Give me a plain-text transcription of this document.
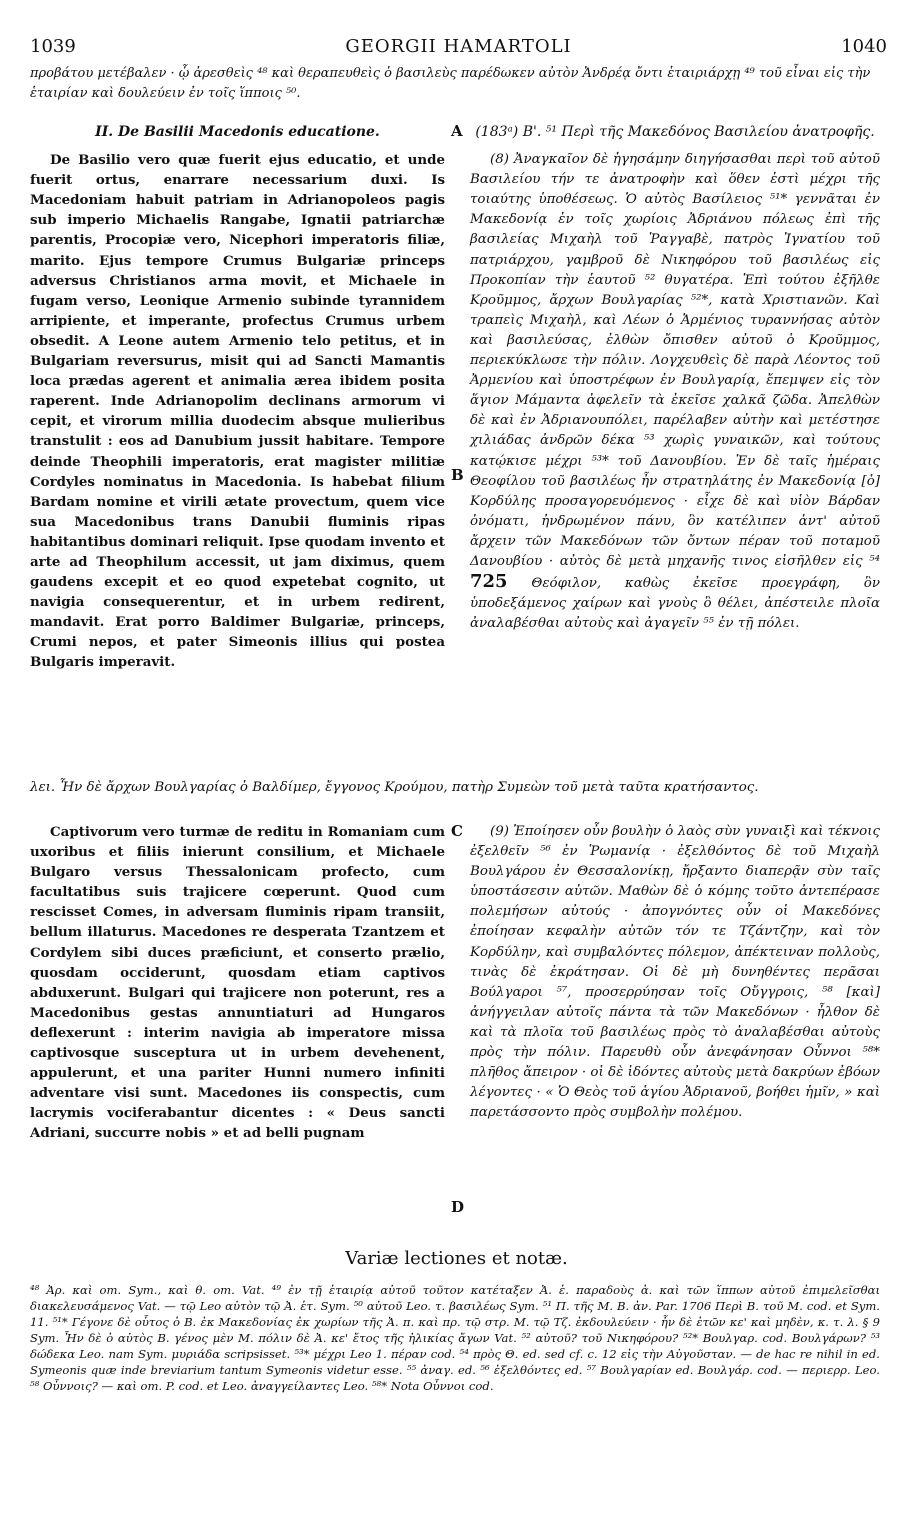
1039	GEORGII HAMARTOLI	1040
προβάτου μετέβαλεν · ᾧ ἀρεσθεὶς ⁴⁸ καὶ θεραπευθεὶς ὁ βασιλεὺς παρέδωκεν αὐτὸν Ἀνδρέᾳ ὄντι ἑταιριάρχῃ ⁴⁹ τοῦ εἶναι εἰς τὴν ἑταιρίαν καὶ δουλεύειν ἐν τοῖς ἵπποις ⁵⁰.

II. De Basilii Macedonis educatione.

De Basilio vero quæ fuerit ejus educatio, et unde fuerit ortus, enarrare necessarium duxi. Is Macedoniam habuit patriam in Adrianopoleos pagis sub imperio Michaelis Rangabe, Ignatii patriarchæ parentis, Procopiæ vero, Nicephori imperatoris filiæ, marito. Ejus tempore Crumus Bulgariæ princeps adversus Christianos arma movit, et Michaele in fugam verso, Leonique Armenio subinde tyrannidem arripiente, et imperante, profectus Crumus urbem obsedit. A Leone autem Armenio telo petitus, et in Bulgariam reversurus, misit qui ad Sancti Mamantis loca prædas agerent et animalia ærea ibidem posita raperent. Inde Adrianopolim declinans armorum vi cepit, et virorum millia duodecim absque mulieribus transtulit : eos ad Danubium jussit habitare. Tempore deinde Theophili imperatoris, erat magister militiæ Cordyles nominatus in Macedonia. Is habebat filium Bardam nomine et virili ætate provectum, quem vice sua Macedonibus trans Danubii fluminis ripas habitantibus dominari reliquit. Ipse quodam invento et arte ad Theophilum accessit, ut jam diximus, quem gaudens excepit et eo quod expetebat cognito, ut navigia consequerentur, et in urbem redirent, mandavit. Erat porro Baldimer Bulgariæ, princeps, Crumi nepos, et pater Simeonis illius qui postea Bulgaris imperavit.

A (183ᵃ) Β'. ⁵¹ Περὶ τῆς Μακεδόνος Βασιλείου ἀνατροφῆς.

(8) Ἀναγκαῖον δὲ ἡγησάμην διηγήσασθαι περὶ τοῦ αὐτοῦ Βασιλείου τήν τε ἀνατροφὴν καὶ ὅθεν ἐστὶ μέχρι τῆς τοιαύτης ὑποθέσεως. Ὁ αὐτὸς Βασίλειος ⁵¹* γεννᾶται ἐν Μακεδονίᾳ ἐν τοῖς χωρίοις Ἀδριάνου πόλεως ἐπὶ τῆς βασιλείας Μιχαὴλ τοῦ Ῥαγγαβὲ, πατρὸς Ἰγνατίου τοῦ πατριάρχου, γαμβροῦ δὲ Νικηφόρου τοῦ βασιλέως εἰς Προκοπίαν τὴν ἑαυτοῦ ⁵² θυγατέρα. Ἐπὶ τούτου ἐξῆλθε Κροῦμμος, ἄρχων Βουλγαρίας ⁵²*, κατὰ Χριστιανῶν. Καὶ τραπεὶς Μιχαὴλ, καὶ Λέων ὁ Ἀρμένιος τυραννήσας αὐτὸν καὶ βασιλεύσας, ἐλθὼν ὄπισθεν αὐτοῦ ὁ Κροῦμμος, περιεκύκλωσε τὴν πόλιν. Λογχευθεὶς δὲ παρὰ Λέοντος τοῦ Ἀρμενίου καὶ ὑποστρέφων ἐν Βουλγαρίᾳ, ἔπεμψεν εἰς τὸν ἅγιον Μάμαντα ἀφελεῖν τὰ ἐκεῖσε χαλκᾶ ζῶδα. Ἀπελθὼν δὲ καὶ ἐν Ἀδριανουπόλει, παρέλαβεν αὐτὴν καὶ μετέστησε χιλιάδας ἀνδρῶν δέκα ⁵³ χωρὶς γυναικῶν, καὶ τούτους κατῴκισε μέχρι ⁵³* τοῦ Δανουβίου. Ἐν δὲ ταῖς ἡμέραις Θεοφίλου τοῦ βασιλέως ἦν στρατηλάτης ἐν Μακεδονίᾳ [ὁ] Κορδύλης προσαγορευόμενος · εἶχε δὲ καὶ υἱὸν Βάρδαν ὀνόματι, ἠνδρωμένον πάνυ, ὃν κατέλιπεν ἀντ' αὐτοῦ ἄρχειν τῶν Μακεδόνων τῶν ὄντων πέραν τοῦ ποταμοῦ Δανουβίου · αὐτὸς δὲ μετὰ μηχανῆς τινος εἰσῆλθεν εἰς ⁵⁴ 725 Θεόφιλον, καθὼς ἐκεῖσε προεγράφη, ὃν ὑποδεξάμενος χαίρων καὶ γνοὺς ὃ θέλει, ἀπέστειλε πλοῖα ἀναλαβέσθαι αὐτοὺς καὶ ἀγαγεῖν ⁵⁵ ἐν τῇ πόλει.

B
λει. Ἦν δὲ ἄρχων Βουλγαρίας ὁ Βαλδίμερ, ἔγγονος Κρούμου, πατὴρ Συμεὼν τοῦ μετὰ ταῦτα κρατήσαντος.

Captivorum vero turmæ de reditu in Romaniam cum uxoribus et filiis inierunt consilium, et Michaele Bulgaro versus Thessalonicam profecto, cum facultatibus suis trajicere cœperunt. Quod cum rescisset Comes, in adversam fluminis ripam transiit, bellum illaturus. Macedones re desperata Tzantzem et Cordylem sibi duces præficiunt, et conserto prælio, quosdam occiderunt, quosdam etiam captivos abduxerunt. Bulgari qui trajicere non poterunt, res a Macedonibus gestas annuntiaturi ad Hungaros deflexerunt : interim navigia ab imperatore missa captivosque susceptura ut in urbem devehenent, appulerunt, et una pariter Hunni numero infiniti adventare visi sunt. Macedones iis conspectis, cum lacrymis vociferabantur dicentes : « Deus sancti Adriani, succurre nobis » et ad belli pugnam

C	(9) Ἐποίησεν οὖν βουλὴν ὁ λαὸς σὺν γυναιξὶ καὶ τέκνοις ἐξελθεῖν ⁵⁶ ἐν Ῥωμανίᾳ · ἐξελθόντος δὲ τοῦ Μιχαὴλ Βουλγάρου ἐν Θεσσαλονίκῃ, ἤρξαντο διαπερᾷν σὺν ταῖς ὑποστάσεσιν αὐτῶν. Μαθὼν δὲ ὁ κόμης τοῦτο ἀντεπέρασε πολεμήσων αὐτούς · ἀπογνόντες οὖν οἱ Μακεδόνες ἐποίησαν κεφαλὴν αὐτῶν τόν τε Τζάντζην, καὶ τὸν Κορδύλην, καὶ συμβαλόντες πόλεμον, ἀπέκτειναν πολλοὺς, τινὰς δὲ ἐκράτησαν. Οἱ δὲ μὴ δυνηθέντες περᾶσαι Βούλγαροι ⁵⁷, προσερρύησαν τοῖς Οὔγγροις, ⁵⁸ [καὶ] ἀνήγγειλαν αὐτοῖς πάντα τὰ τῶν Μακεδόνων · ἦλθον δὲ καὶ τὰ πλοῖα τοῦ βασιλέως πρὸς τὸ ἀναλαβέσθαι αὐτοὺς πρὸς τὴν πόλιν. Παρευθὺ οὖν ἀνεφάνησαν Οὖννοι ⁵⁸* πλῆθος ἄπειρον · οἱ δὲ ἰδόντες αὐτοὺς μετὰ δακρύων ἐβόων λέγοντες · « Ὁ Θεὸς τοῦ ἁγίου Ἀδριανοῦ, βοήθει ἡμῖν, » καὶ παρετάσσοντο πρὸς συμβολὴν πολέμου.

D
Variæ lectiones et notæ.
⁴⁸ Ἀρ. καὶ om. Sym., καὶ θ. om. Vat. ⁴⁹ ἐν τῇ ἑταιρίᾳ αὐτοῦ τοῦτον κατέταξεν Ἀ. ἑ. παραδοὺς ἀ. καὶ τῶν ἵππων αὐτοῦ ἐπιμελεῖσθαι διακελευσάμενος Vat. — τῷ Leo αὐτὸν τῷ Ἀ. ἑτ. Sym. ⁵⁰ αὐτοῦ Leo. τ. βασιλέως Sym. ⁵¹ Π. τῆς Μ. Β. ἀν. Par. 1706 Περὶ Β. τοῦ Μ. cod. et Sym. 11. ⁵¹* Γέγονε δὲ οὗτος ὁ Β. ἐκ Μακεδονίας ἐκ χωρίων τῆς Ἀ. π. καὶ πρ. τῷ στρ. Μ. τῷ Τζ. ἐκδουλεύειν · ἦν δὲ ἐτῶν κε' καὶ μηδὲν, κ. τ. λ. § 9 Sym. Ἦν δὲ ὁ αὐτὸς Β. γένος μὲν Μ. πόλιν δὲ Ἀ. κε' ἔτος τῆς ἡλικίας ἄγων Vat. ⁵² αὐτοῦ? τοῦ Νικηφόρου? ⁵²* Βουλγαρ. cod. Βουλγάρων? ⁵³ δώδεκα Leo. nam Sym. μυριάδα scripsisset. ⁵³* μέχρι Leo 1. πέραν cod. ⁵⁴ πρὸς Θ. ed. sed cf. c. 12 εἰς τὴν Αὐγοῦσταν. — de hac re nihil in ed. Symeonis quæ inde breviarium tantum Symeonis videtur esse. ⁵⁵ ἀναγ. ed. ⁵⁶ ἐξελθόντες ed. ⁵⁷ Βουλγαρίαν ed. Βουλγάρ. cod. — περιερρ. Leo. ⁵⁸ Οὖννοις? — καὶ om. P. cod. et Leo. ἀναγγείλαντες Leo. ⁵⁸* Nota Οὖννοι cod.
